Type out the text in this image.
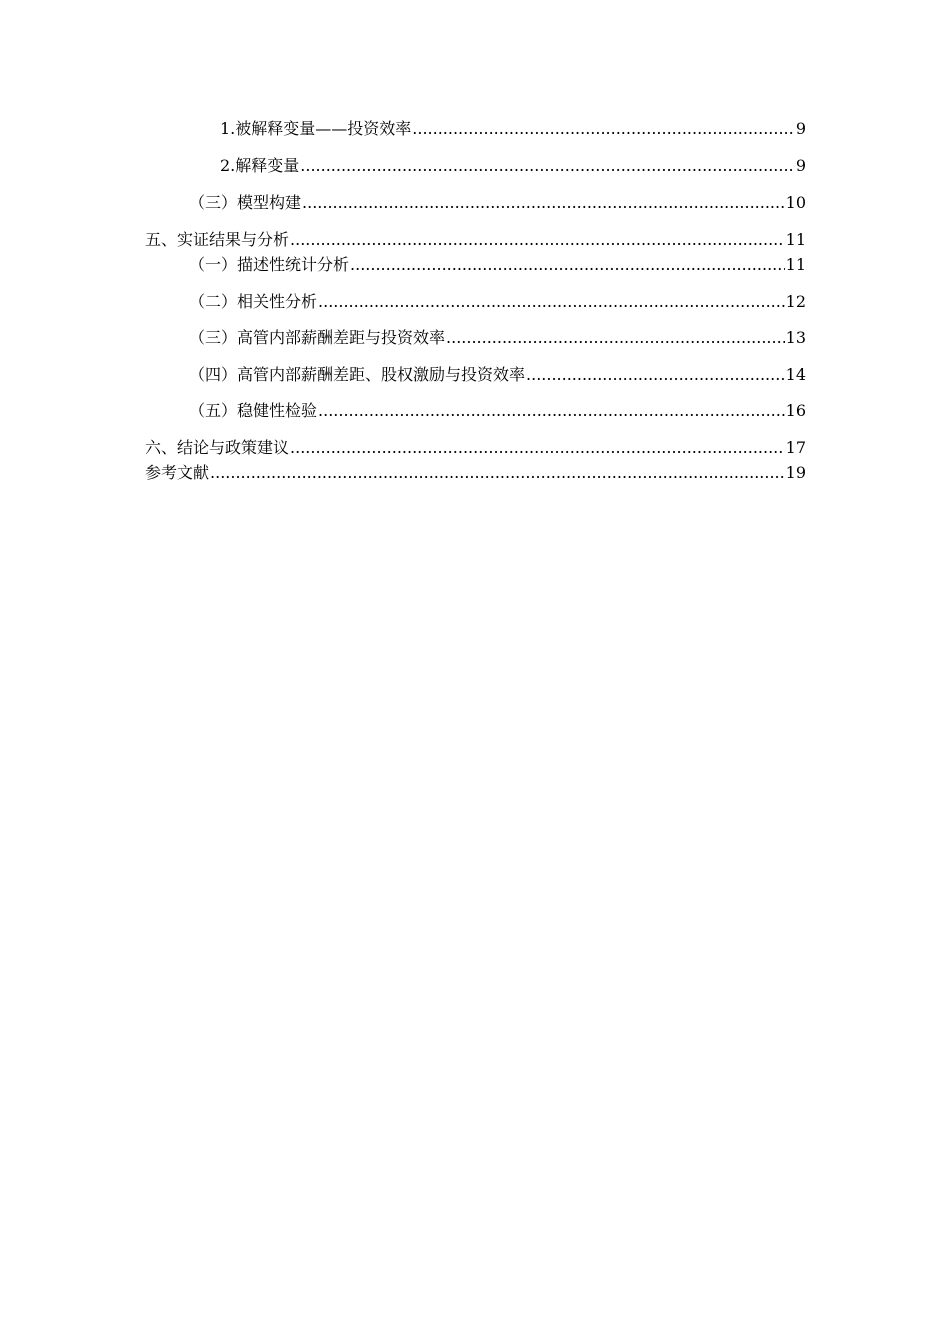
1.被解释变量——投资效率 .....	9
2.解释变量 .....	9
（三）模型构建 .....	10
五、实证结果与分析 .....	11
（一）描述性统计分析 .....	11
（二）相关性分析 .....	12
（三）高管内部薪酬差距与投资效率 .....	13
（四）高管内部薪酬差距、股权激励与投资效率 .....	14
（五）稳健性检验 .....	16
六、结论与政策建议 .....	17
参考文献 .....	19
